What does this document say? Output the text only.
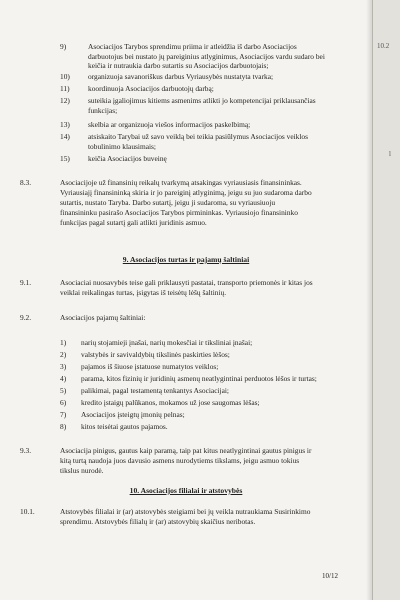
9)	Asociacijos Tarybos sprendimu priima ir atleidžia iš darbo Asociacijos
darbuotojus bei nustato jų pareiginius atlyginimus, Asociacijos vardu sudaro bei
keičia ir nutraukia darbo sutartis su Asociacijos darbuotojais;
10) organizuoja savanoriškus darbus Vyriausybės nustatyta tvarka;
11) koordinuoja Asociacijos darbuotojų darbą;
12) suteikia įgaliojimus kitiems asmenims atlikti jo kompetencijai priklausančias
funkcijas;
13) skelbia ar organizuoja viešos informacijos paskelbimą;
14) atsiskaito Tarybai už savo veiklą bei teikia pasiūlymus Asociacijos veiklos
tobulinimo klausimais;
15) keičia Asociacijos buveinę
8.3.	Asociacijoje už finansinių reikalų tvarkymą atsakingas vyriausiasis finansininkas.
Vyriausiajį finansininką skiria ir jo pareiginį atlyginimą, jeigu su juo sudaroma darbo
sutartis, nustato Taryba. Darbo sutartį, jeigu ji sudaroma, su vyriausiuoju
finansininku pasirašo Asociacijos Tarybos pirmininkas. Vyriausiojo finansininko
funkcijas pagal sutartį gali atlikti juridinis asmuo.
9. Asociacijos turtas ir pajamų šaltiniai
9.1.	Asociaciai nuosavybės teise gali priklausyti pastatai, transporto priemonės ir kitas jos
veiklai reikalingas turtas, įsigytas iš teisėtų lėšų šaltinių.
9.2.	Asociacijos pajamų šaltiniai:
1) narių stojamieji įnašai, narių mokesčiai ir tiksliniai įnašai;
2) valstybės ir savivaldybių tikslinės paskirties lėšos;
3) pajamos iš šiuose įstatuose numatytos veiklos;
4) parama, kitos fizinių ir juridinių asmenų neatlygintinai perduotos lėšos ir turtas;
5) palikimai, pagal testamentą tenkantys Asociacijai;
6) kredito įstaigų palūkanos, mokamos už jose saugomas lėšas;
7) Asociacijos įsteigtų įmonių pelnas;
8) kitos teisėtai gautos pajamos.
9.3.	Asociacija pinigus, gautus kaip paramą, taip pat kitus neatlygintinai gautus pinigus ir
kitą turtą naudoja juos davusio asmens nurodytiems tikslams, jeigu asmuo tokius
tikslus nurodė.
10. Asociacijos filialai ir atstovybės
10.1.	Atstovybės filialai ir (ar) atstovybės steigiami bei jų veikla nutraukiama Susirinkimo
sprendimu. Atstovybės filialų ir (ar) atstovybių skaičius neribotas.
10/12
10.2
l
